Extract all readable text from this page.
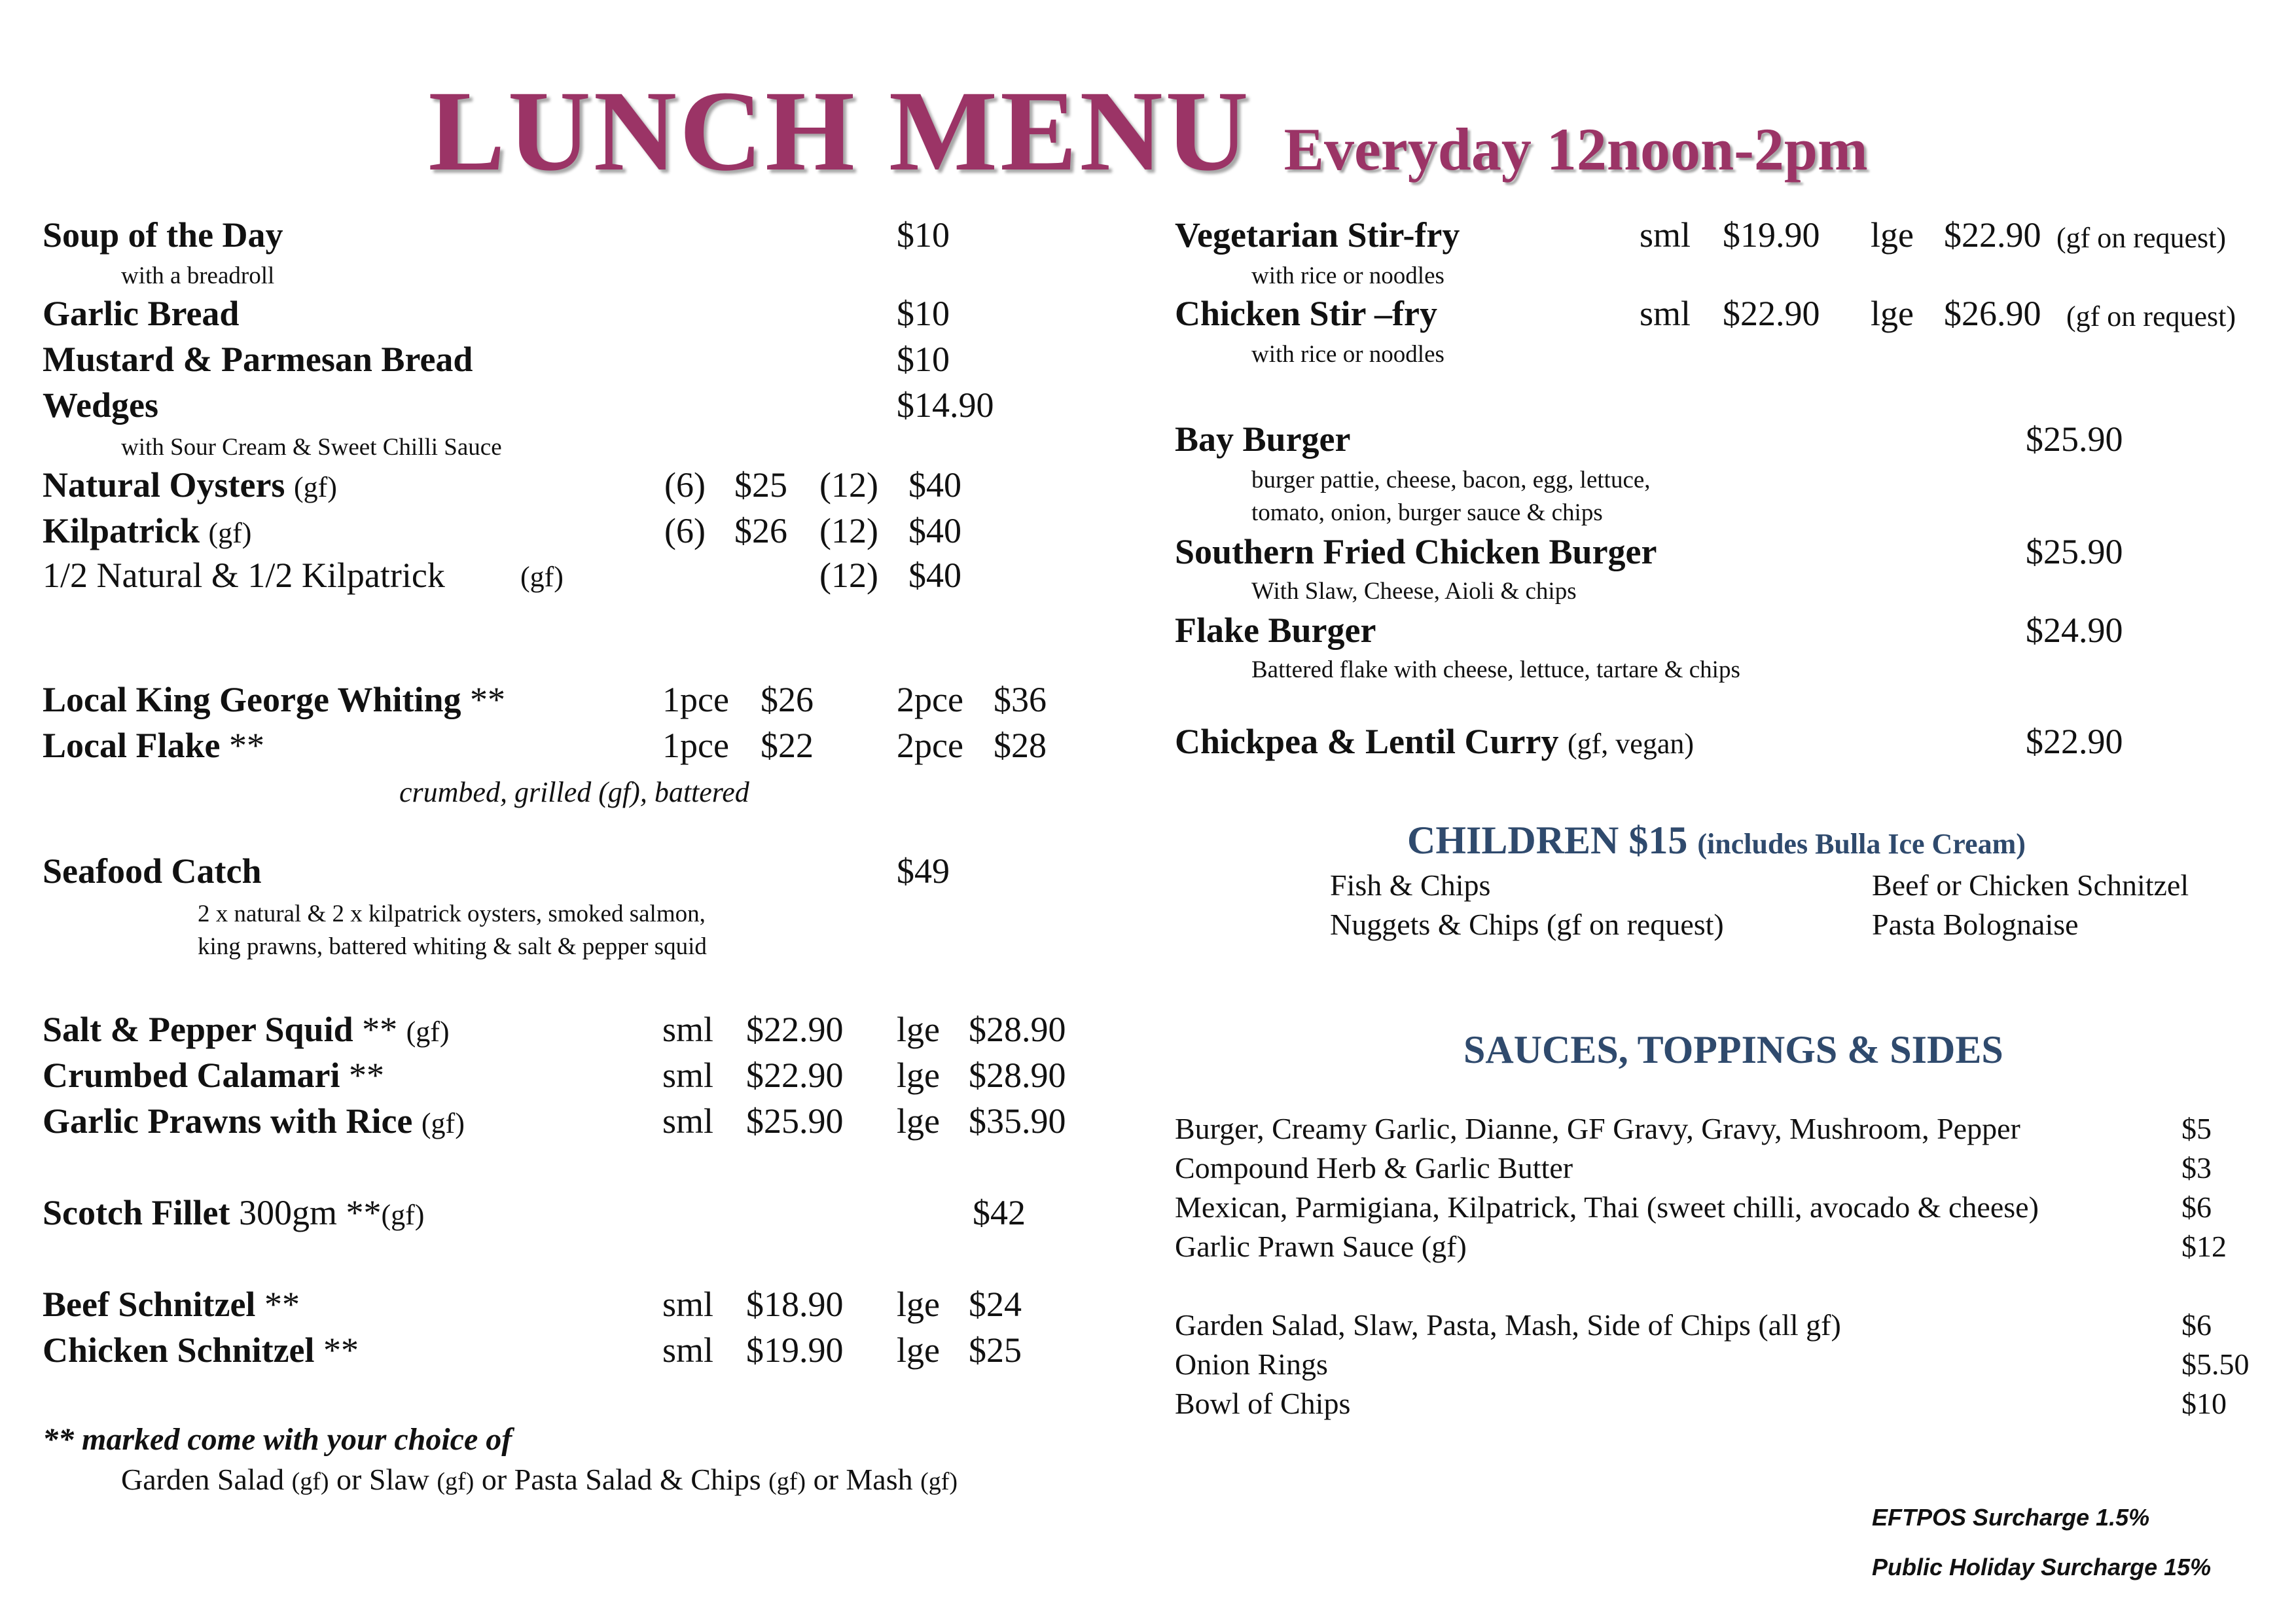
LUNCH MENU Everyday 12noon-2pm
Soup of the Day	$10
with a breadroll
Garlic Bread	$10
Mustard & Parmesan Bread	$10
Wedges	$14.90
with Sour Cream & Sweet Chilli Sauce
Natural Oysters (gf)	(6) $25 (12) $40
Kilpatrick (gf)	(6) $26 (12) $40
1/2 Natural & 1/2 Kilpatrick	(gf)	(12) $40
Local King George Whiting **	1pce $26 2pce $36
Local Flake **	1pce $22 2pce $28
crumbed, grilled (gf), battered
Seafood Catch	$49
2 x natural & 2 x kilpatrick oysters, smoked salmon,
king prawns, battered whiting & salt & pepper squid
Salt & Pepper Squid ** (gf)	sml $22.90 lge $28.90
Crumbed Calamari **	sml $22.90 lge $28.90
Garlic Prawns with Rice (gf)	sml $25.90 lge $35.90
Scotch Fillet 300gm **(gf)	$42
Beef Schnitzel **	sml $18.90 lge $24
Chicken Schnitzel **	sml $19.90 lge $25
** marked come with your choice of
Garden Salad (gf) or Slaw (gf) or Pasta Salad & Chips (gf) or Mash (gf)
Vegetarian Stir-fry	sml $19.90 lge $22.90 (gf on request)
with rice or noodles
Chicken Stir –fry	sml $22.90 lge $26.90 (gf on request)
with rice or noodles
Bay Burger	$25.90
burger pattie, cheese, bacon, egg, lettuce,
tomato, onion, burger sauce & chips
Southern Fried Chicken Burger	$25.90
With Slaw, Cheese, Aioli & chips
Flake Burger	$24.90
Battered flake with cheese, lettuce, tartare & chips
Chickpea & Lentil Curry (gf, vegan)	$22.90
CHILDREN $15 (includes Bulla Ice Cream)
Fish & Chips
Nuggets & Chips (gf on request)
Beef or Chicken Schnitzel
Pasta Bolognaise
SAUCES, TOPPINGS & SIDES
Burger, Creamy Garlic, Dianne, GF Gravy, Gravy, Mushroom, Pepper	$5
Compound Herb & Garlic Butter	$3
Mexican, Parmigiana, Kilpatrick, Thai (sweet chilli, avocado & cheese)	$6
Garlic Prawn Sauce (gf)	$12
Garden Salad, Slaw, Pasta, Mash, Side of Chips (all gf)	$6
Onion Rings	$5.50
Bowl of Chips	$10
EFTPOS Surcharge 1.5%
Public Holiday Surcharge 15%
